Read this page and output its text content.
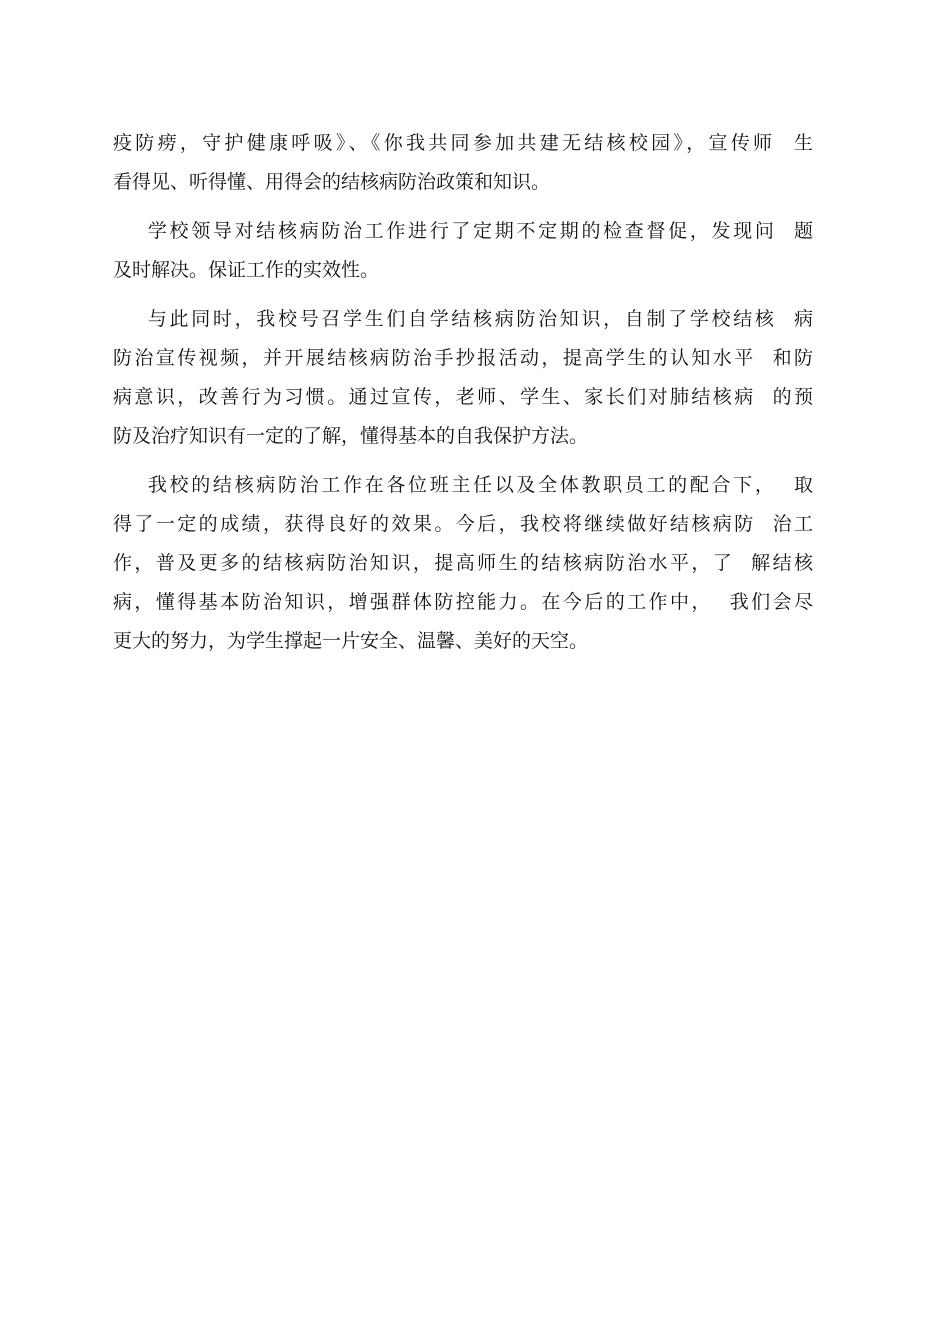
疫防痨，守护健康呼吸》、《你我共同参加共建无结核校园》，宣传师  生
看得见、听得懂、用得会的结核病防治政策和知识。
学校领导对结核病防治工作进行了定期不定期的检查督促，发现问  题
及时解决。保证工作的实效性。
与此同时，我校号召学生们自学结核病防治知识，自制了学校结核  病
防治宣传视频，并开展结核病防治手抄报活动，提高学生的认知水平  和防
病意识，改善行为习惯。通过宣传，老师、学生、家长们对肺结核病  的预
防及治疗知识有一定的了解，懂得基本的自我保护方法。
我校的结核病防治工作在各位班主任以及全体教职员工的配合下，  取
得了一定的成绩，获得良好的效果。今后，我校将继续做好结核病防  治工
作，普及更多的结核病防治知识，提高师生的结核病防治水平，了  解结核
病，懂得基本防治知识，增强群体防控能力。在今后的工作中，  我们会尽
更大的努力，为学生撑起一片安全、温馨、美好的天空。
